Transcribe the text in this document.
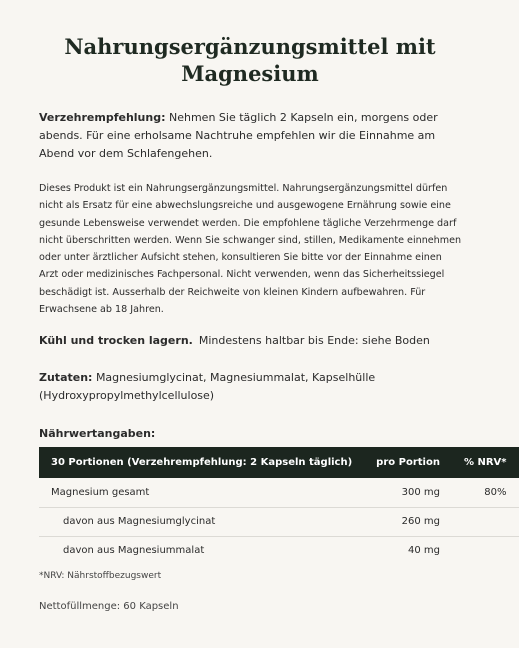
Nahrungsergänzungsmittel mit Magnesium

Verzehrempfehlung: Nehmen Sie täglich 2 Kapseln ein, morgens oder abends. Für eine erholsame Nachtruhe empfehlen wir die Einnahme am Abend vor dem Schlafengehen.

Dieses Produkt ist ein Nahrungsergänzungsmittel. Nahrungsergänzungsmittel dürfen nicht als Ersatz für eine abwechslungsreiche und ausgewogene Ernährung sowie eine gesunde Lebensweise verwendet werden. Die empfohlene tägliche Verzehrmenge darf nicht überschritten werden. Wenn Sie schwanger sind, stillen, Medikamente einnehmen oder unter ärztlicher Aufsicht stehen, konsultieren Sie bitte vor der Einnahme einen Arzt oder medizinisches Fachpersonal. Nicht verwenden, wenn das Sicherheitssiegel beschädigt ist. Ausserhalb der Reichweite von kleinen Kindern aufbewahren. Für Erwachsene ab 18 Jahren.

Kühl und trocken lagern. Mindestens haltbar bis Ende: siehe Boden

Zutaten: Magnesiumglycinat, Magnesiummalat, Kapselhülle (Hydroxypropylmethylcellulose)

Nährwertangaben:
30 Portionen (Verzehrempfehlung: 2 Kapseln täglich)	pro Portion	% NRV*
Magnesium gesamt	300 mg	80%
davon aus Magnesiumglycinat	260 mg	
davon aus Magnesiummalat	40 mg	
*NRV: Nährstoffbezugswert
Nettofüllmenge: 60 Kapseln
